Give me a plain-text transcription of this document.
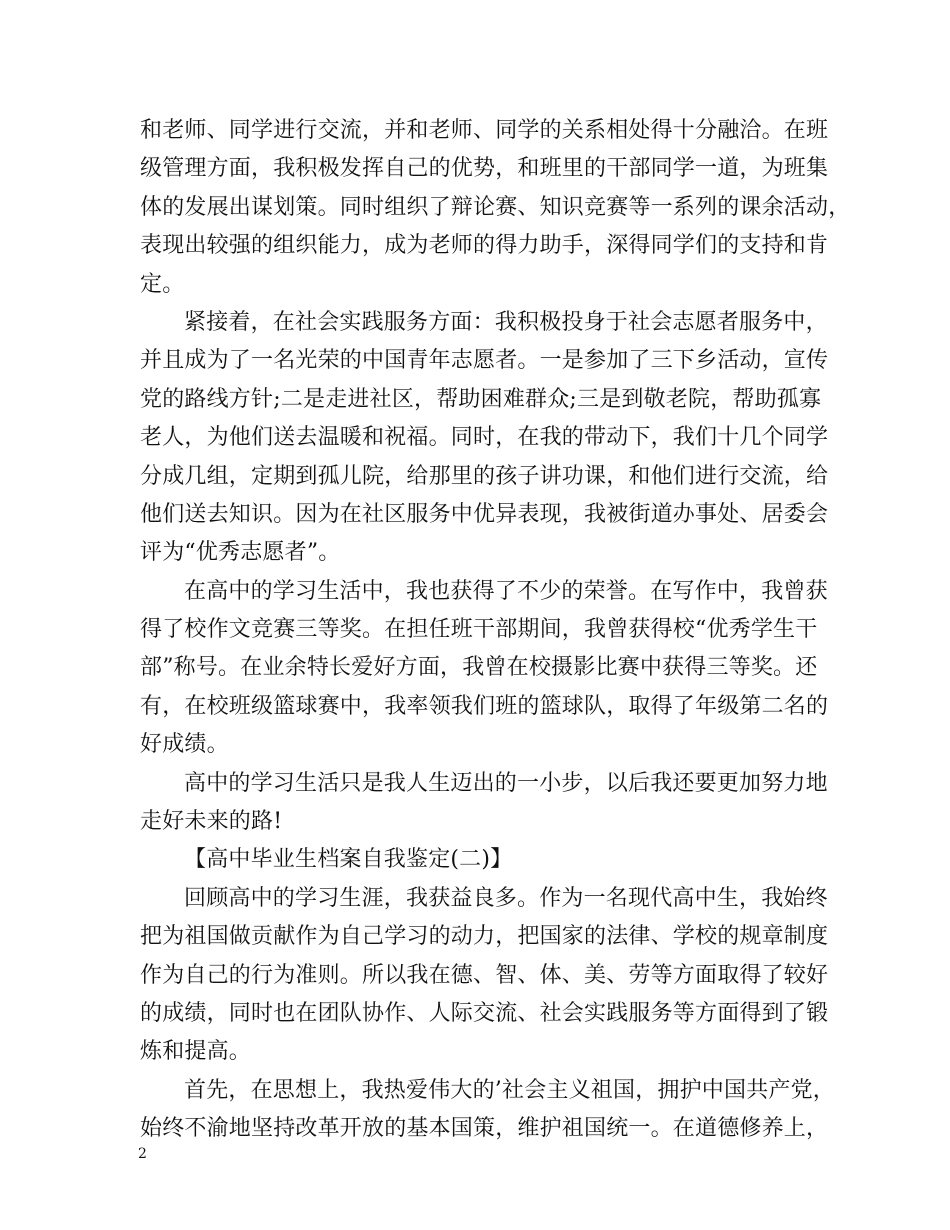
和老师、同学进行交流，并和老师、同学的关系相处得十分融洽。在班
级管理方面，我积极发挥自己的优势，和班里的干部同学一道，为班集
体的发展出谋划策。同时组织了辩论赛、知识竞赛等一系列的课余活动，
表现出较强的组织能力，成为老师的得力助手，深得同学们的支持和肯
定。
紧接着，在社会实践服务方面：我积极投身于社会志愿者服务中，
并且成为了一名光荣的中国青年志愿者。一是参加了三下乡活动，宣传
党的路线方针;二是走进社区，帮助困难群众;三是到敬老院，帮助孤寡
老人，为他们送去温暖和祝福。同时，在我的带动下，我们十几个同学
分成几组，定期到孤儿院，给那里的孩子讲功课，和他们进行交流，给
他们送去知识。因为在社区服务中优异表现，我被街道办事处、居委会
评为“优秀志愿者”。
在高中的学习生活中，我也获得了不少的荣誉。在写作中，我曾获
得了校作文竞赛三等奖。在担任班干部期间，我曾获得校“优秀学生干
部”称号。在业余特长爱好方面，我曾在校摄影比赛中获得三等奖。还
有，在校班级篮球赛中，我率领我们班的篮球队，取得了年级第二名的
好成绩。
高中的学习生活只是我人生迈出的一小步，以后我还要更加努力地
走好未来的路!
【高中毕业生档案自我鉴定(二)】
回顾高中的学习生涯，我获益良多。作为一名现代高中生，我始终
把为祖国做贡献作为自己学习的动力，把国家的法律、学校的规章制度
作为自己的行为准则。所以我在德、智、体、美、劳等方面取得了较好
的成绩，同时也在团队协作、人际交流、社会实践服务等方面得到了锻
炼和提高。
首先，在思想上，我热爱伟大的’社会主义祖国，拥护中国共产党，
始终不渝地坚持改革开放的基本国策，维护祖国统一。在道德修养上，
2
